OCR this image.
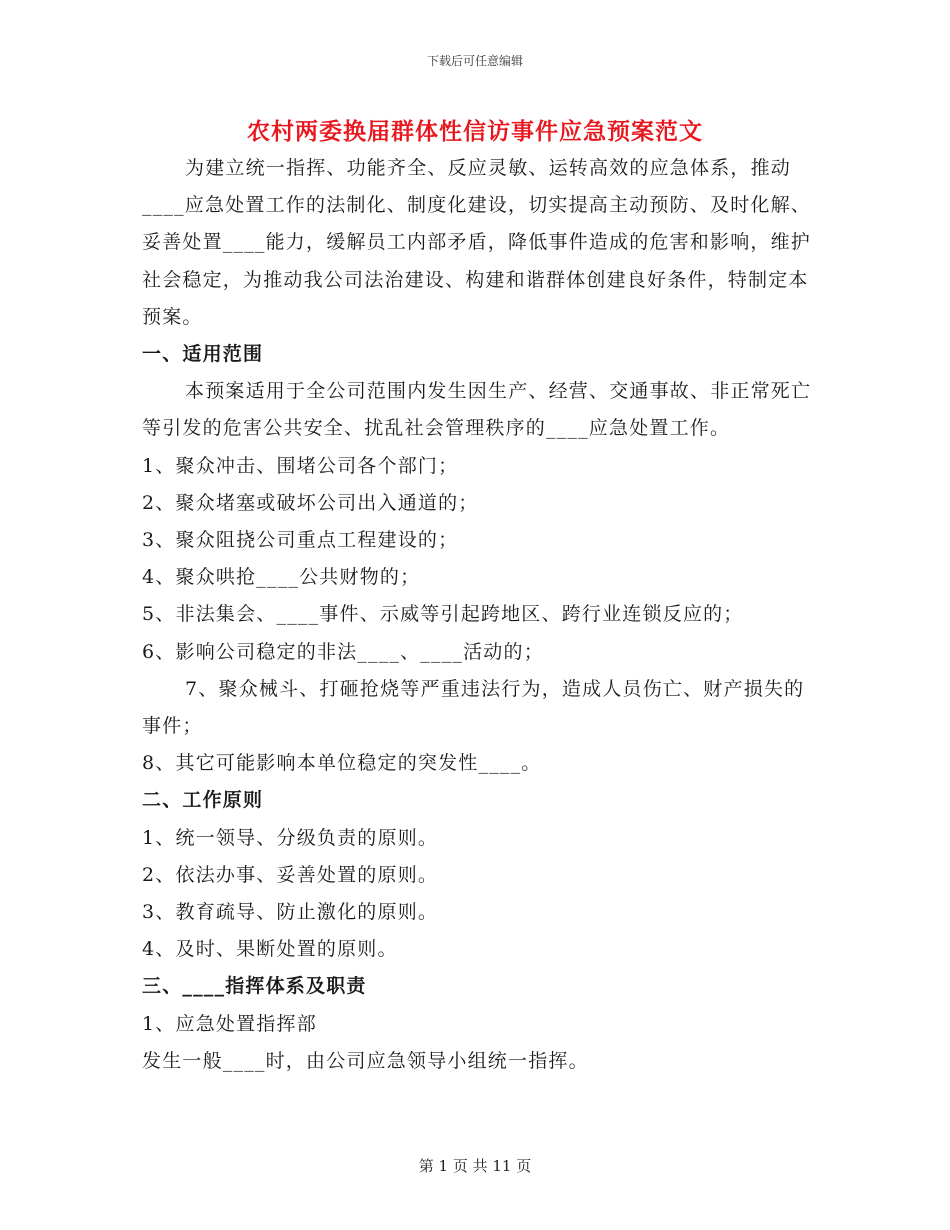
下载后可任意编辑
农村两委换届群体性信访事件应急预案范文

为建立统一指挥、功能齐全、反应灵敏、运转高效的应急体系，推动____应急处置工作的法制化、制度化建设，切实提高主动预防、及时化解、妥善处置____能力，缓解员工内部矛盾，降低事件造成的危害和影响，维护社会稳定，为推动我公司法治建设、构建和谐群体创建良好条件，特制定本预案。

一、适用范围

本预案适用于全公司范围内发生因生产、经营、交通事故、非正常死亡等引发的危害公共安全、扰乱社会管理秩序的____应急处置工作。

1、聚众冲击、围堵公司各个部门；

2、聚众堵塞或破坏公司出入通道的；

3、聚众阻挠公司重点工程建设的；

4、聚众哄抢____公共财物的；

5、非法集会、____事件、示威等引起跨地区、跨行业连锁反应的；

6、影响公司稳定的非法____、____活动的；

7、聚众械斗、打砸抢烧等严重违法行为，造成人员伤亡、财产损失的事件；

8、其它可能影响本单位稳定的突发性____。

二、工作原则

1、统一领导、分级负责的原则。

2、依法办事、妥善处置的原则。

3、教育疏导、防止激化的原则。

4、及时、果断处置的原则。

三、____指挥体系及职责

1、应急处置指挥部

发生一般____时，由公司应急领导小组统一指挥。

第 1 页 共 11 页
